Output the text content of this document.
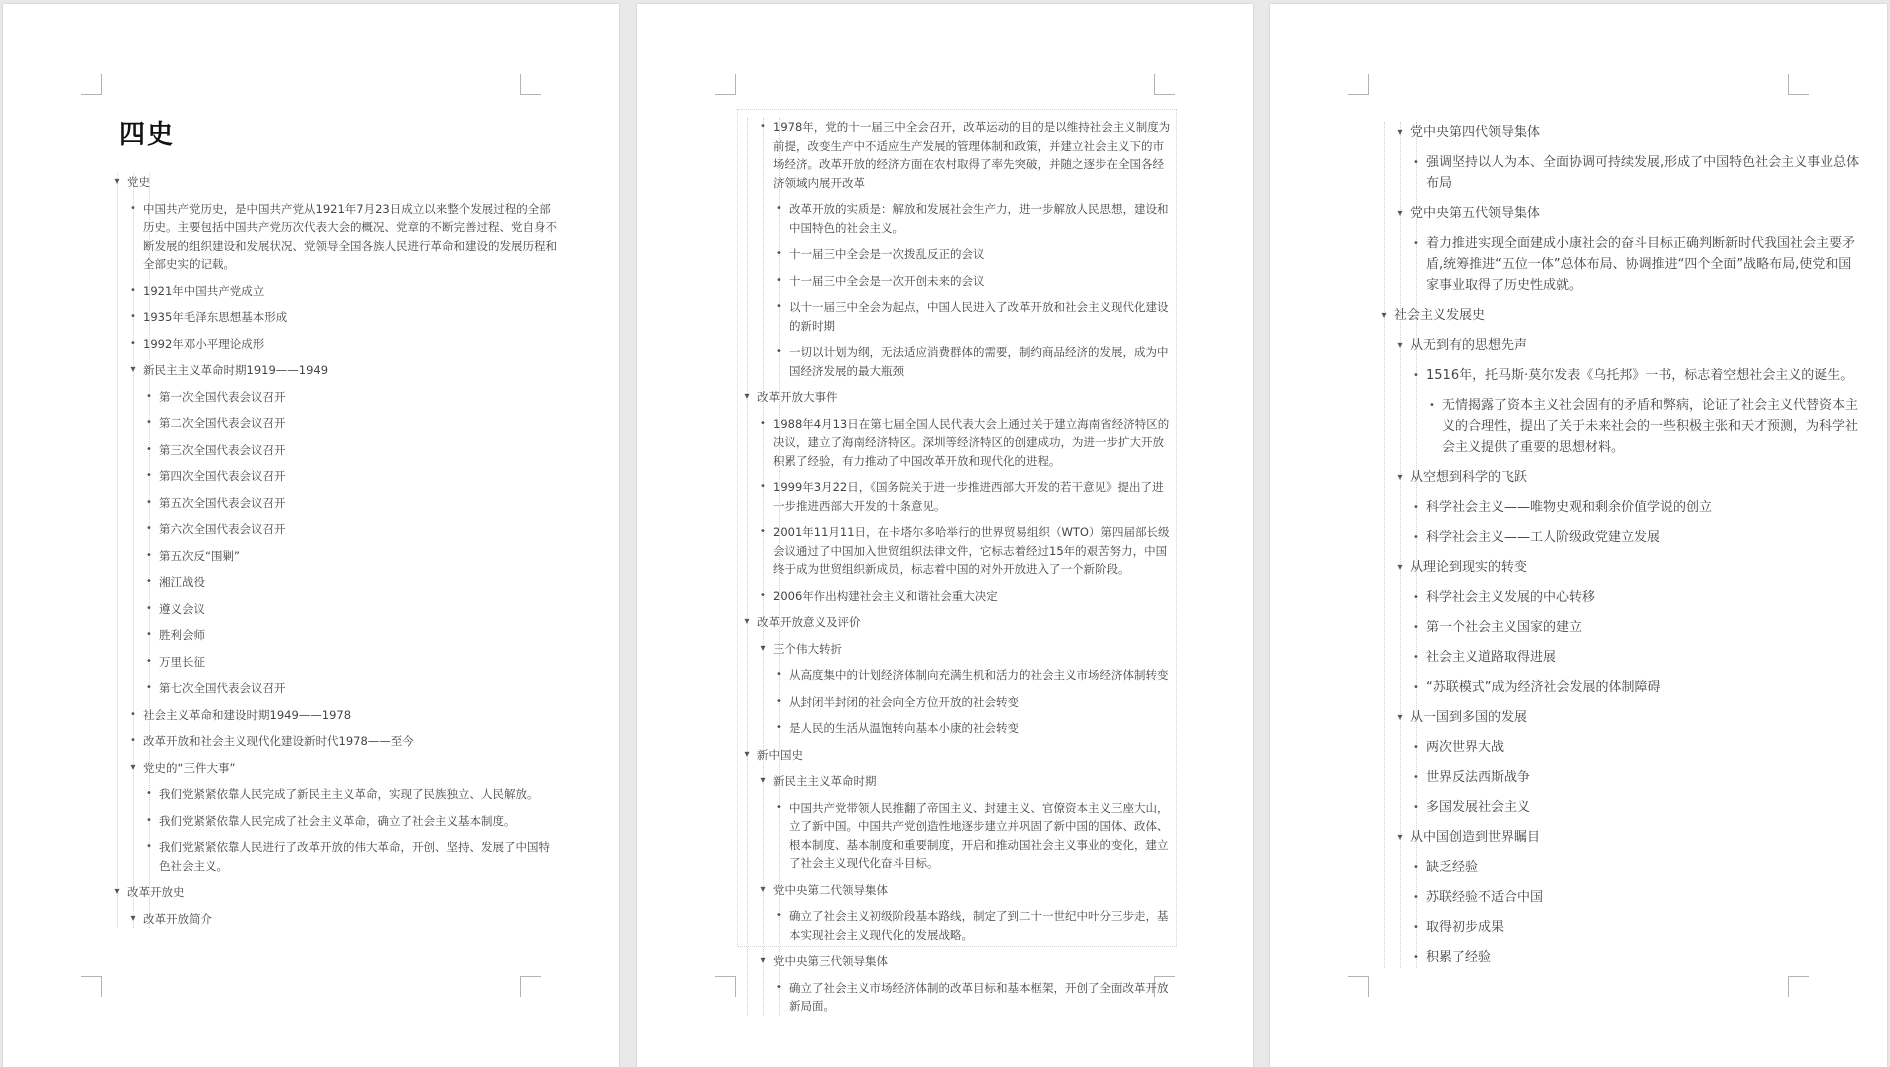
四史
▾ 党史
• 中国共产党历史，是中国共产党从1921年7月23日成立以来整个发展过程的全部历史。主要包括中国共产党历次代表大会的概况、党章的不断完善过程、党自身不断发展的组织建设和发展状况、党领导全国各族人民进行革命和建设的发展历程和全部史实的记载。
• 1921年中国共产党成立
• 1935年毛泽东思想基本形成
• 1992年邓小平理论成形
▾ 新民主主义革命时期1919——1949
• 第一次全国代表会议召开
• 第二次全国代表会议召开
• 第三次全国代表会议召开
• 第四次全国代表会议召开
• 第五次全国代表会议召开
• 第六次全国代表会议召开
• 第五次反“围剿”
• 湘江战役
• 遵义会议
• 胜利会师
• 万里长征
• 第七次全国代表会议召开
• 社会主义革命和建设时期1949——1978
• 改革开放和社会主义现代化建设新时代1978——至今
▾ 党史的“三件大事”
• 我们党紧紧依靠人民完成了新民主主义革命，实现了民族独立、人民解放。
• 我们党紧紧依靠人民完成了社会主义革命，确立了社会主义基本制度。
• 我们党紧紧依靠人民进行了改革开放的伟大革命，开创、坚持、发展了中国特色社会主义。
▾ 改革开放史
▾ 改革开放简介
• 1978年，党的十一届三中全会召开，改革运动的目的是以维持社会主义制度为前提，改变生产中不适应生产发展的管理体制和政策，并建立社会主义下的市场经济。改革开放的经济方面在农村取得了率先突破，并随之逐步在全国各经济领域内展开改革
• 改革开放的实质是：解放和发展社会生产力，进一步解放人民思想，建设和中国特色的社会主义。
• 十一届三中全会是一次拨乱反正的会议
• 十一届三中全会是一次开创未来的会议
• 以十一届三中全会为起点，中国人民进入了改革开放和社会主义现代化建设的新时期
• 一切以计划为纲，无法适应消费群体的需要，制约商品经济的发展，成为中国经济发展的最大瓶颈
▾ 改革开放大事件
• 1988年4月13日在第七届全国人民代表大会上通过关于建立海南省经济特区的决议，建立了海南经济特区。深圳等经济特区的创建成功，为进一步扩大开放积累了经验，有力推动了中国改革开放和现代化的进程。
• 1999年3月22日，《国务院关于进一步推进西部大开发的若干意见》提出了进一步推进西部大开发的十条意见。
• 2001年11月11日，在卡塔尔多哈举行的世界贸易组织（WTO）第四届部长级会议通过了中国加入世贸组织法律文件，它标志着经过15年的艰苦努力，中国终于成为世贸组织新成员，标志着中国的对外开放进入了一个新阶段。
• 2006年作出构建社会主义和谐社会重大决定
▾ 改革开放意义及评价
▾ 三个伟大转折
• 从高度集中的计划经济体制向充满生机和活力的社会主义市场经济体制转变
• 从封闭半封闭的社会向全方位开放的社会转变
• 是人民的生活从温饱转向基本小康的社会转变
▾ 新中国史
▾ 新民主主义革命时期
• 中国共产党带领人民推翻了帝国主义、封建主义、官僚资本主义三座大山，立了新中国。中国共产党创造性地逐步建立并巩固了新中国的国体、政体、根本制度、基本制度和重要制度，开启和推动国社会主义事业的变化，建立了社会主义现代化奋斗目标。
▾ 党中央第二代领导集体
• 确立了社会主义初级阶段基本路线，制定了到二十一世纪中叶分三步走，基本实现社会主义现代化的发展战略。
▾ 党中央第三代领导集体
• 确立了社会主义市场经济体制的改革目标和基本框架，开创了全面改革开放新局面。
▾ 党中央第四代领导集体
• 强调坚持以人为本、全面协调可持续发展,形成了中国特色社会主义事业总体布局
▾ 党中央第五代领导集体
• 着力推进实现全面建成小康社会的奋斗目标正确判断新时代我国社会主要矛盾,统筹推进“五位一体”总体布局、协调推进“四个全面”战略布局,使党和国家事业取得了历史性成就。
▾ 社会主义发展史
▾ 从无到有的思想先声
• 1516年，托马斯·莫尔发表《乌托邦》一书，标志着空想社会主义的诞生。
• 无情揭露了资本主义社会固有的矛盾和弊病，论证了社会主义代替资本主义的合理性，提出了关于未来社会的一些积极主张和天才预测，为科学社会主义提供了重要的思想材料。
▾ 从空想到科学的飞跃
• 科学社会主义——唯物史观和剩余价值学说的创立
• 科学社会主义——工人阶级政党建立发展
▾ 从理论到现实的转变
• 科学社会主义发展的中心转移
• 第一个社会主义国家的建立
• 社会主义道路取得进展
• “苏联模式”成为经济社会发展的体制障碍
▾ 从一国到多国的发展
• 两次世界大战
• 世界反法西斯战争
• 多国发展社会主义
▾ 从中国创造到世界瞩目
• 缺乏经验
• 苏联经验不适合中国
• 取得初步成果
• 积累了经验
